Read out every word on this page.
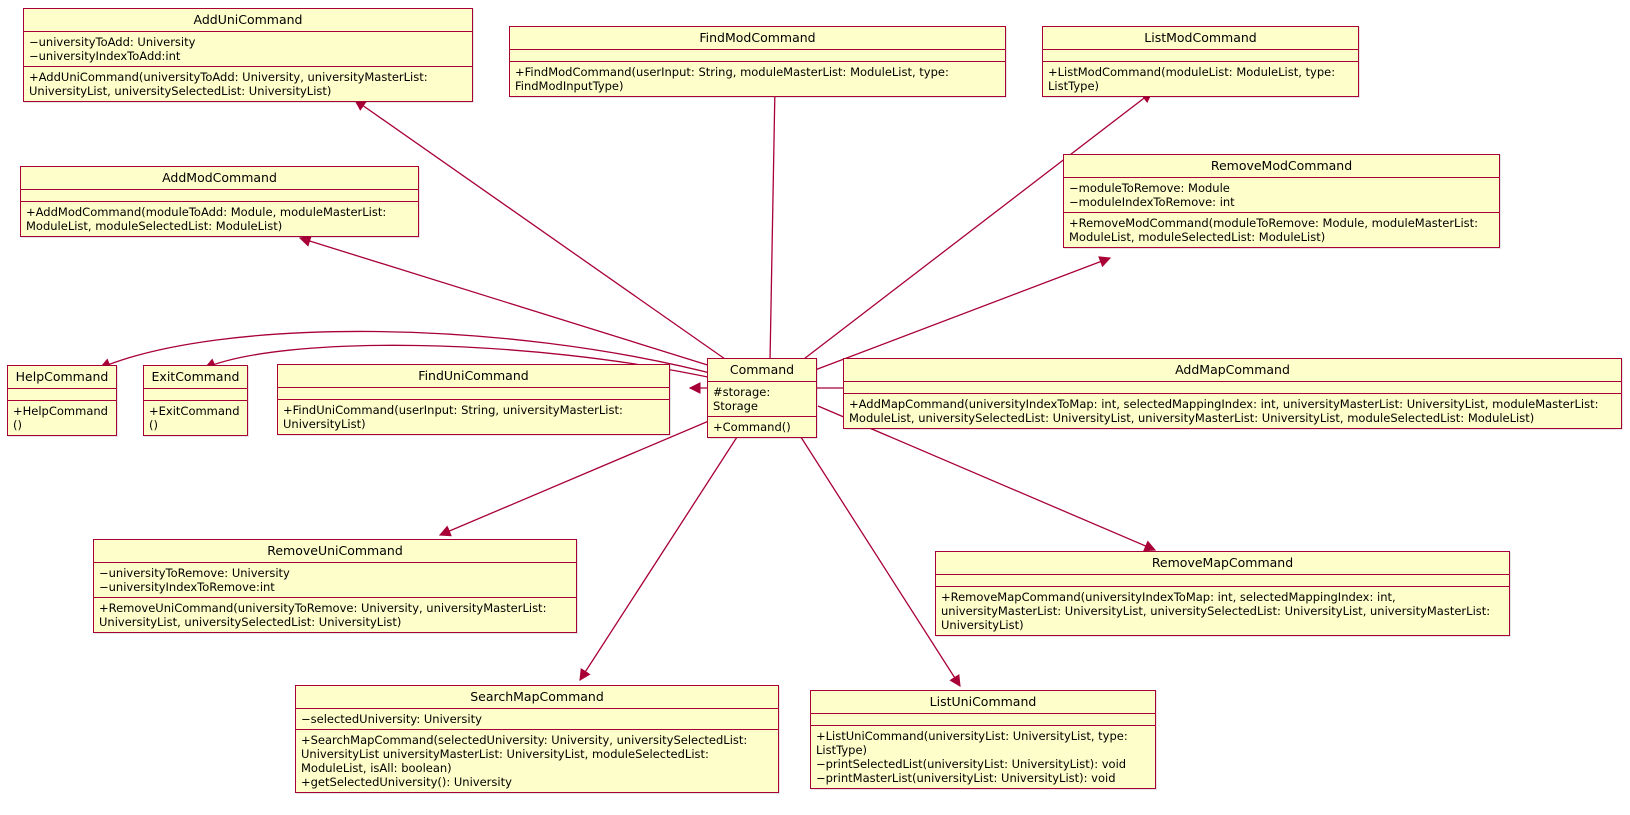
AddUniCommand
−universityToAdd: University
−universityIndexToAdd:int
+AddUniCommand(universityToAdd: University, universityMasterList: UniversityList, universitySelectedList: UniversityList)
FindModCommand
+FindModCommand(userInput: String, moduleMasterList: ModuleList, type: FindModInputType)
ListModCommand
+ListModCommand(moduleList: ModuleList, type: ListType)
AddModCommand
+AddModCommand(moduleToAdd: Module, moduleMasterList: ModuleList, moduleSelectedList: ModuleList)
RemoveModCommand
−moduleToRemove: Module
−moduleIndexToRemove: int
+RemoveModCommand(moduleToRemove: Module, moduleMasterList: ModuleList, moduleSelectedList: ModuleList)
HelpCommand
+HelpCommand()
ExitCommand
+ExitCommand()
FindUniCommand
+FindUniCommand(userInput: String, universityMasterList: UniversityList)
Command
#storage: Storage
+Command()
AddMapCommand
+AddMapCommand(universityIndexToMap: int, selectedMappingIndex: int, universityMasterList: UniversityList, moduleMasterList: ModuleList, universitySelectedList: UniversityList, universityMasterList: UniversityList, moduleSelectedList: ModuleList)
RemoveUniCommand
−universityToRemove: University
−universityIndexToRemove:int
+RemoveUniCommand(universityToRemove: University, universityMasterList: UniversityList, universitySelectedList: UniversityList)
RemoveMapCommand
+RemoveMapCommand(universityIndexToMap: int, selectedMappingIndex: int, universityMasterList: UniversityList, universitySelectedList: UniversityList, universityMasterList: UniversityList)
SearchMapCommand
−selectedUniversity: University
+SearchMapCommand(selectedUniversity: University, universitySelectedList: UniversityList universityMasterList: UniversityList, moduleSelectedList: ModuleList, isAll: boolean)
+getSelectedUniversity(): University
ListUniCommand
+ListUniCommand(universityList: UniversityList, type: ListType)
−printSelectedList(universityList: UniversityList): void
−printMasterList(universityList: UniversityList): void
